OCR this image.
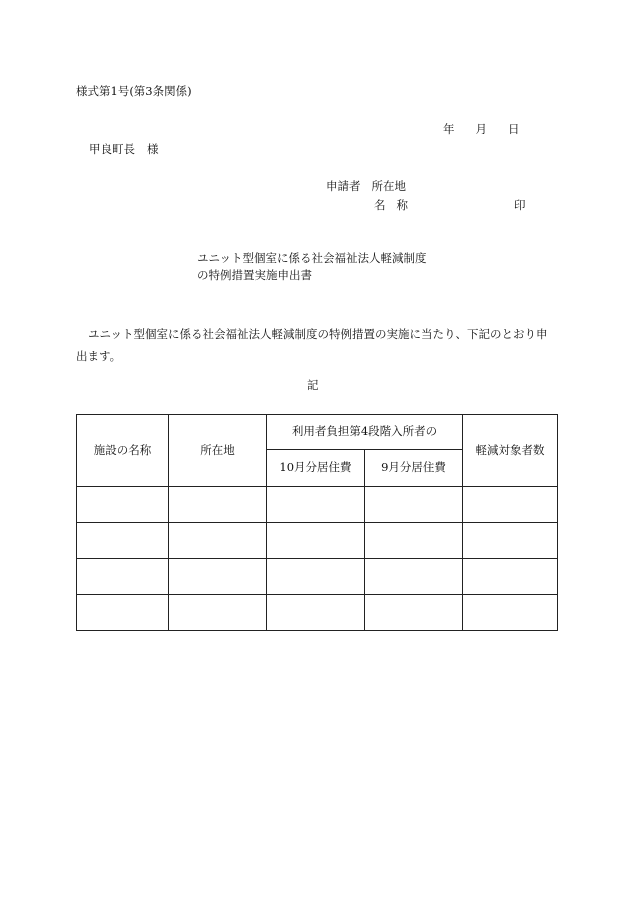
様式第1号(第3条関係)
年 月 日
甲良町長 様
申請者 所在地
名 称	印
ユニット型個室に係る社会福祉法人軽減制度
の特例措置実施申出書
ユニット型個室に係る社会福祉法人軽減制度の特例措置の実施に当たり、下記のとおり申出ます。
記
施設の名称	所在地	利用者負担第4段階入所者の		軽減対象者数
		10月分居住費	9月分居住費	
